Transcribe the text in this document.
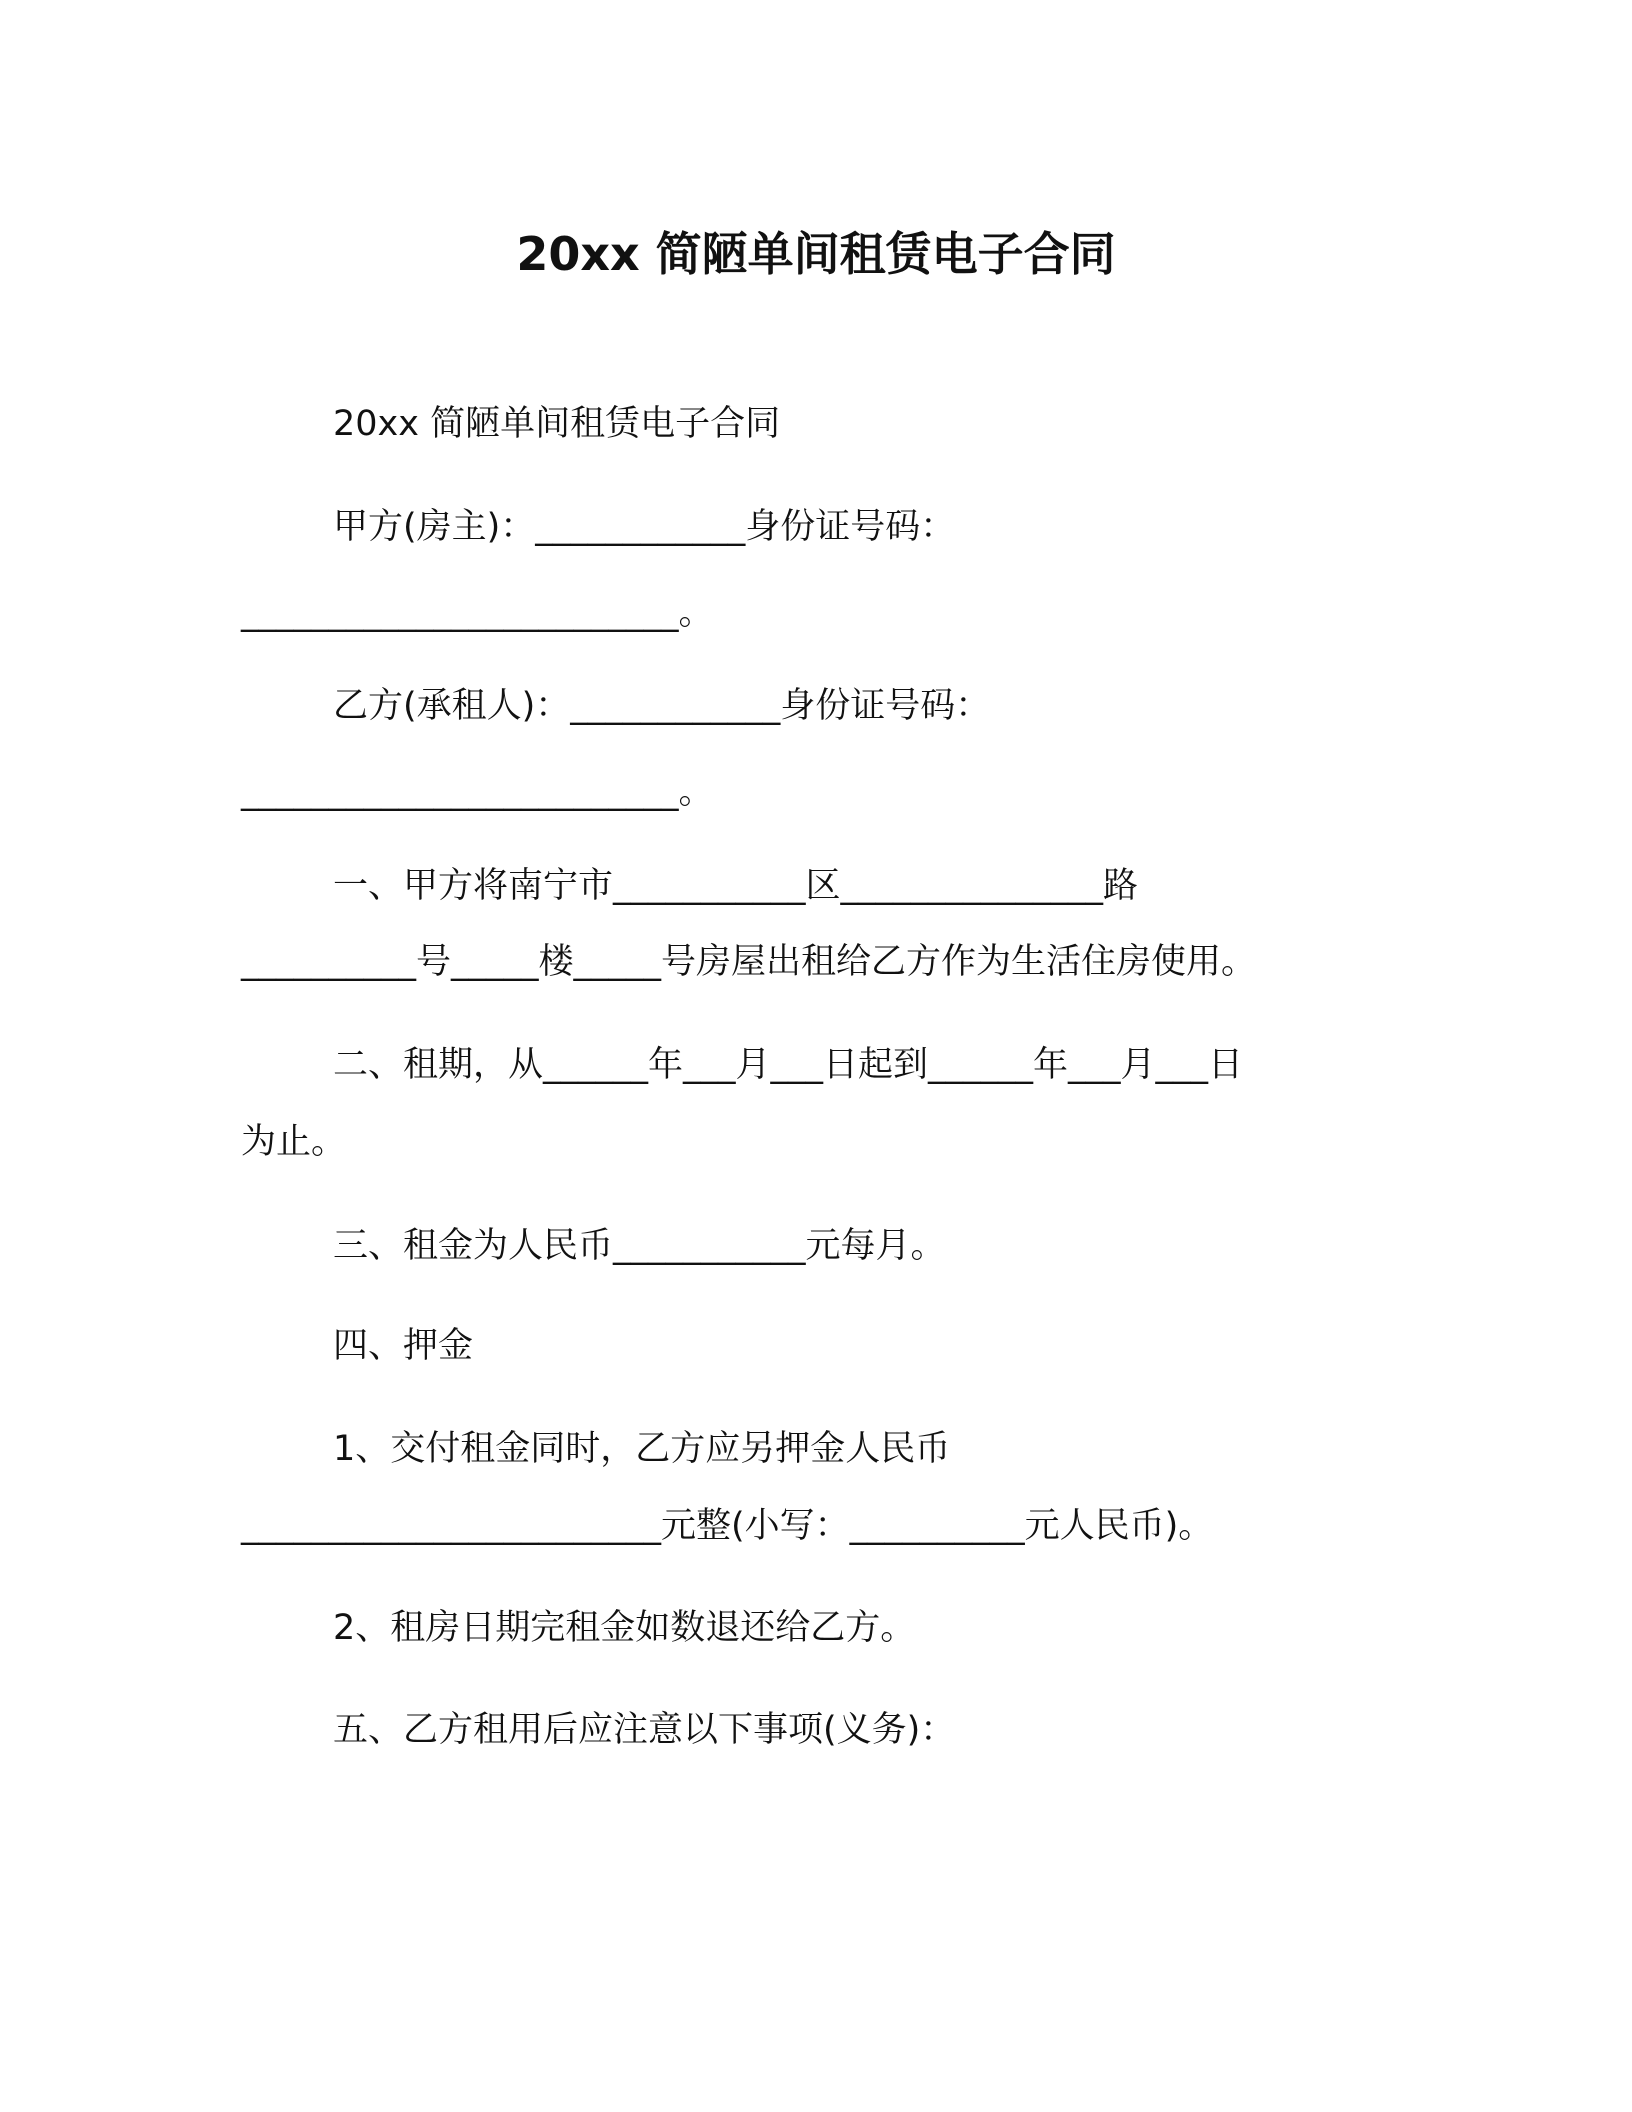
20xx 简陋单间租赁电子合同
20xx 简陋单间租赁电子合同
甲方(房主)：____________身份证号码：
_________________________。
乙方(承租人)：____________身份证号码：
_________________________。
一、甲方将南宁市___________区_______________路
__________号_____楼_____号房屋出租给乙方作为生活住房使用。
二、租期，从______年___月___日起到______年___月___日
为止。
三、租金为人民币___________元每月。
四、押金
1、交付租金同时，乙方应另押金人民币
________________________元整(小写：__________元人民币)。
2、租房日期完租金如数退还给乙方。
五、乙方租用后应注意以下事项(义务)：
